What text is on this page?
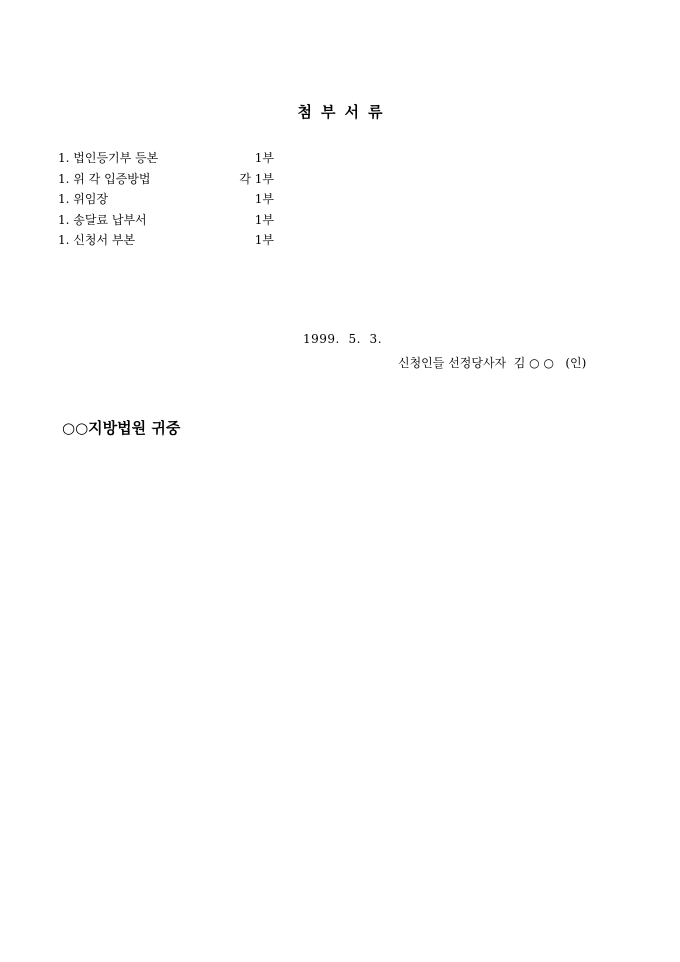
첨부서류
1. 법인등기부 등본	1부
1. 위 각 입증방법	각 1부
1. 위임장	1부
1. 송달료 납부서	1부
1. 신청서 부본	1부
1999.  5.  3.
신청인들 선정당사자  김 ○ ○   (인)
○○지방법원 귀중
